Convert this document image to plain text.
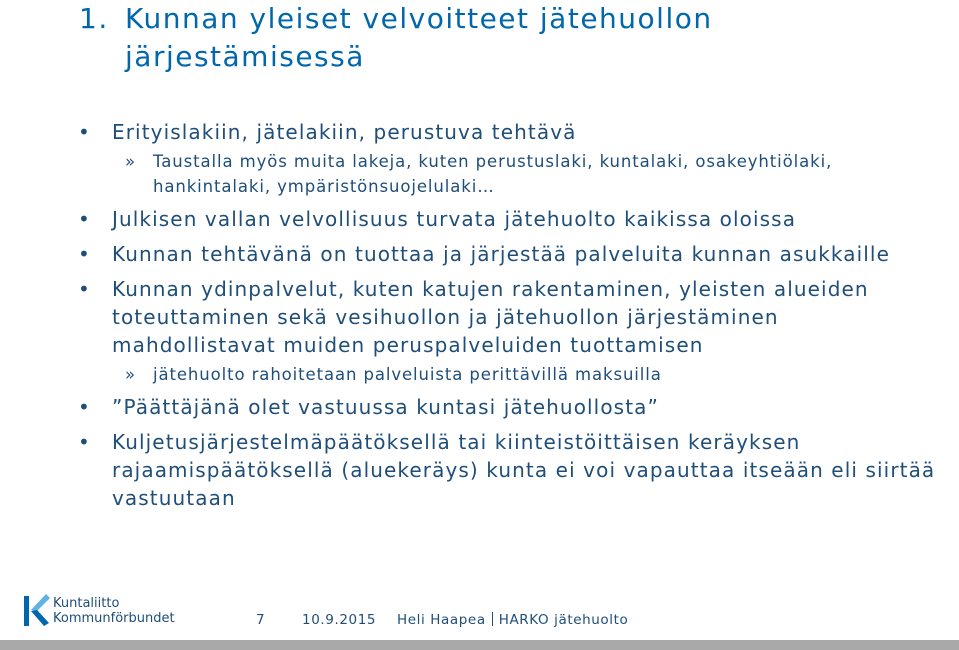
1. Kunnan yleiset velvoitteet jätehuollon
järjestämisessä
•	Erityislakiin, jätelakiin, perustuva tehtävä
»	Taustalla myös muita lakeja, kuten perustuslaki, kuntalaki, osakeyhtiölaki, hankintalaki, ympäristönsuojelulaki…
•	Julkisen vallan velvollisuus turvata jätehuolto kaikissa oloissa
•	Kunnan tehtävänä on tuottaa ja järjestää palveluita kunnan asukkaille
•	Kunnan ydinpalvelut, kuten katujen rakentaminen, yleisten alueiden toteuttaminen sekä vesihuollon ja jätehuollon järjestäminen mahdollistavat muiden peruspalveluiden tuottamisen
»	jätehuolto rahoitetaan palveluista perittävillä maksuilla
•	”Päättäjänä olet vastuussa kuntasi jätehuollosta”
•	Kuljetusjärjestelmäpäätöksellä tai kiinteistöittäisen keräyksen rajaamispäätöksellä (aluekeräys) kunta ei voi vapauttaa itseään eli siirtää vastuutaan
Kuntaliitto
Kommunförbundet	7	10.9.2015 Heli Haapea HARKO jätehuolto
